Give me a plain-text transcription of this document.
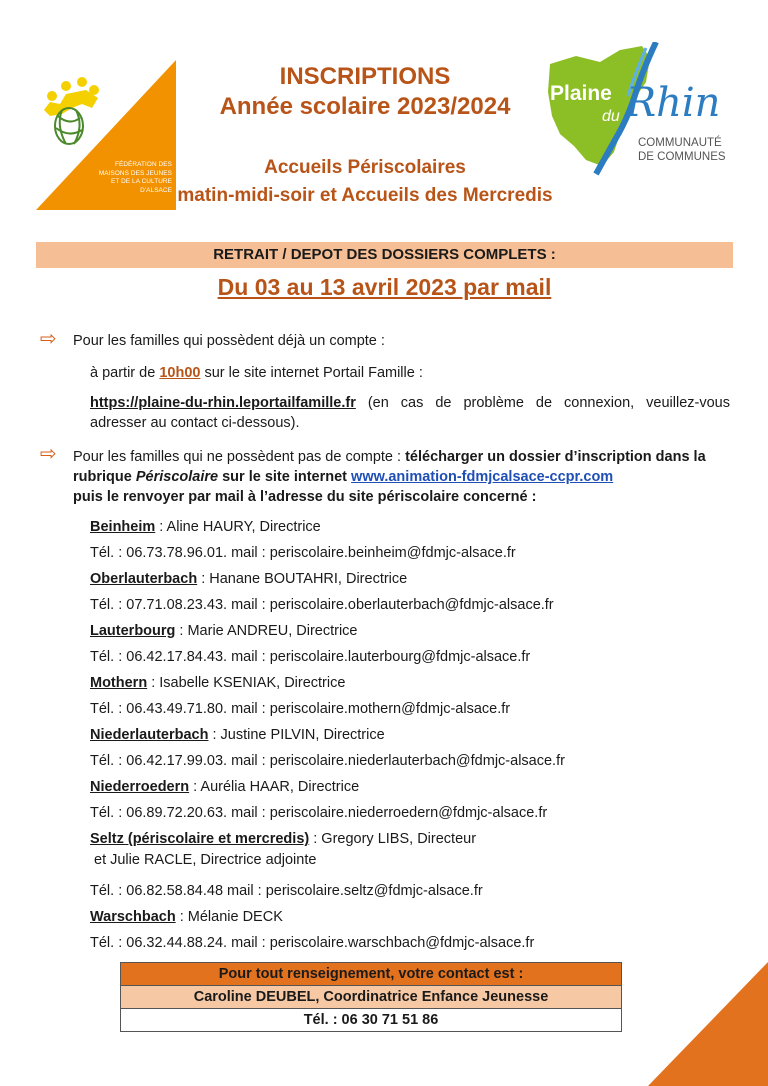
FÉDÉRATION DES
MAISONS DES JEUNES
ET DE LA CULTURE
D'ALSACE
INSCRIPTIONS
Année scolaire 2023/2024
Accueils Périscolaires
matin-midi-soir et Accueils des Mercredis
Plaine
du Rhin
COMMUNAUTÉ
DE COMMUNES
RETRAIT / DEPOT DES DOSSIERS COMPLETS :
Du 03 au 13 avril 2023 par mail
⇨ Pour les familles qui possèdent déjà un compte :
à partir de 10h00 sur le site internet Portail Famille :
https://plaine-du-rhin.leportailfamille.fr (en cas de problème de connexion, veuillez-vous adresser au contact ci-dessous).
⇨ Pour les familles qui ne possèdent pas de compte : télécharger un dossier d’inscription dans la rubrique Périscolaire sur le site internet www.animation-fdmjcalsace-ccpr.com
puis le renvoyer par mail à l’adresse du site périscolaire concerné :
Beinheim : Aline HAURY, Directrice
Tél. : 06.73.78.96.01. mail : periscolaire.beinheim@fdmjc-alsace.fr
Oberlauterbach : Hanane BOUTAHRI, Directrice
Tél. : 07.71.08.23.43. mail : periscolaire.oberlauterbach@fdmjc-alsace.fr
Lauterbourg : Marie ANDREU, Directrice
Tél. : 06.42.17.84.43. mail : periscolaire.lauterbourg@fdmjc-alsace.fr
Mothern : Isabelle KSENIAK, Directrice
Tél. : 06.43.49.71.80. mail : periscolaire.mothern@fdmjc-alsace.fr
Niederlauterbach : Justine PILVIN, Directrice
Tél. : 06.42.17.99.03. mail : periscolaire.niederlauterbach@fdmjc-alsace.fr
Niederroedern : Aurélia HAAR, Directrice
Tél. : 06.89.72.20.63. mail : periscolaire.niederroedern@fdmjc-alsace.fr
Seltz (périscolaire et mercredis) : Gregory LIBS, Directeur
et Julie RACLE, Directrice adjointe
Tél. : 06.82.58.84.48 mail : periscolaire.seltz@fdmjc-alsace.fr
Warschbach : Mélanie DECK
Tél. : 06.32.44.88.24. mail : periscolaire.warschbach@fdmjc-alsace.fr
Pour tout renseignement, votre contact est :
Caroline DEUBEL, Coordinatrice Enfance Jeunesse
Tél. : 06 30 71 51 86
